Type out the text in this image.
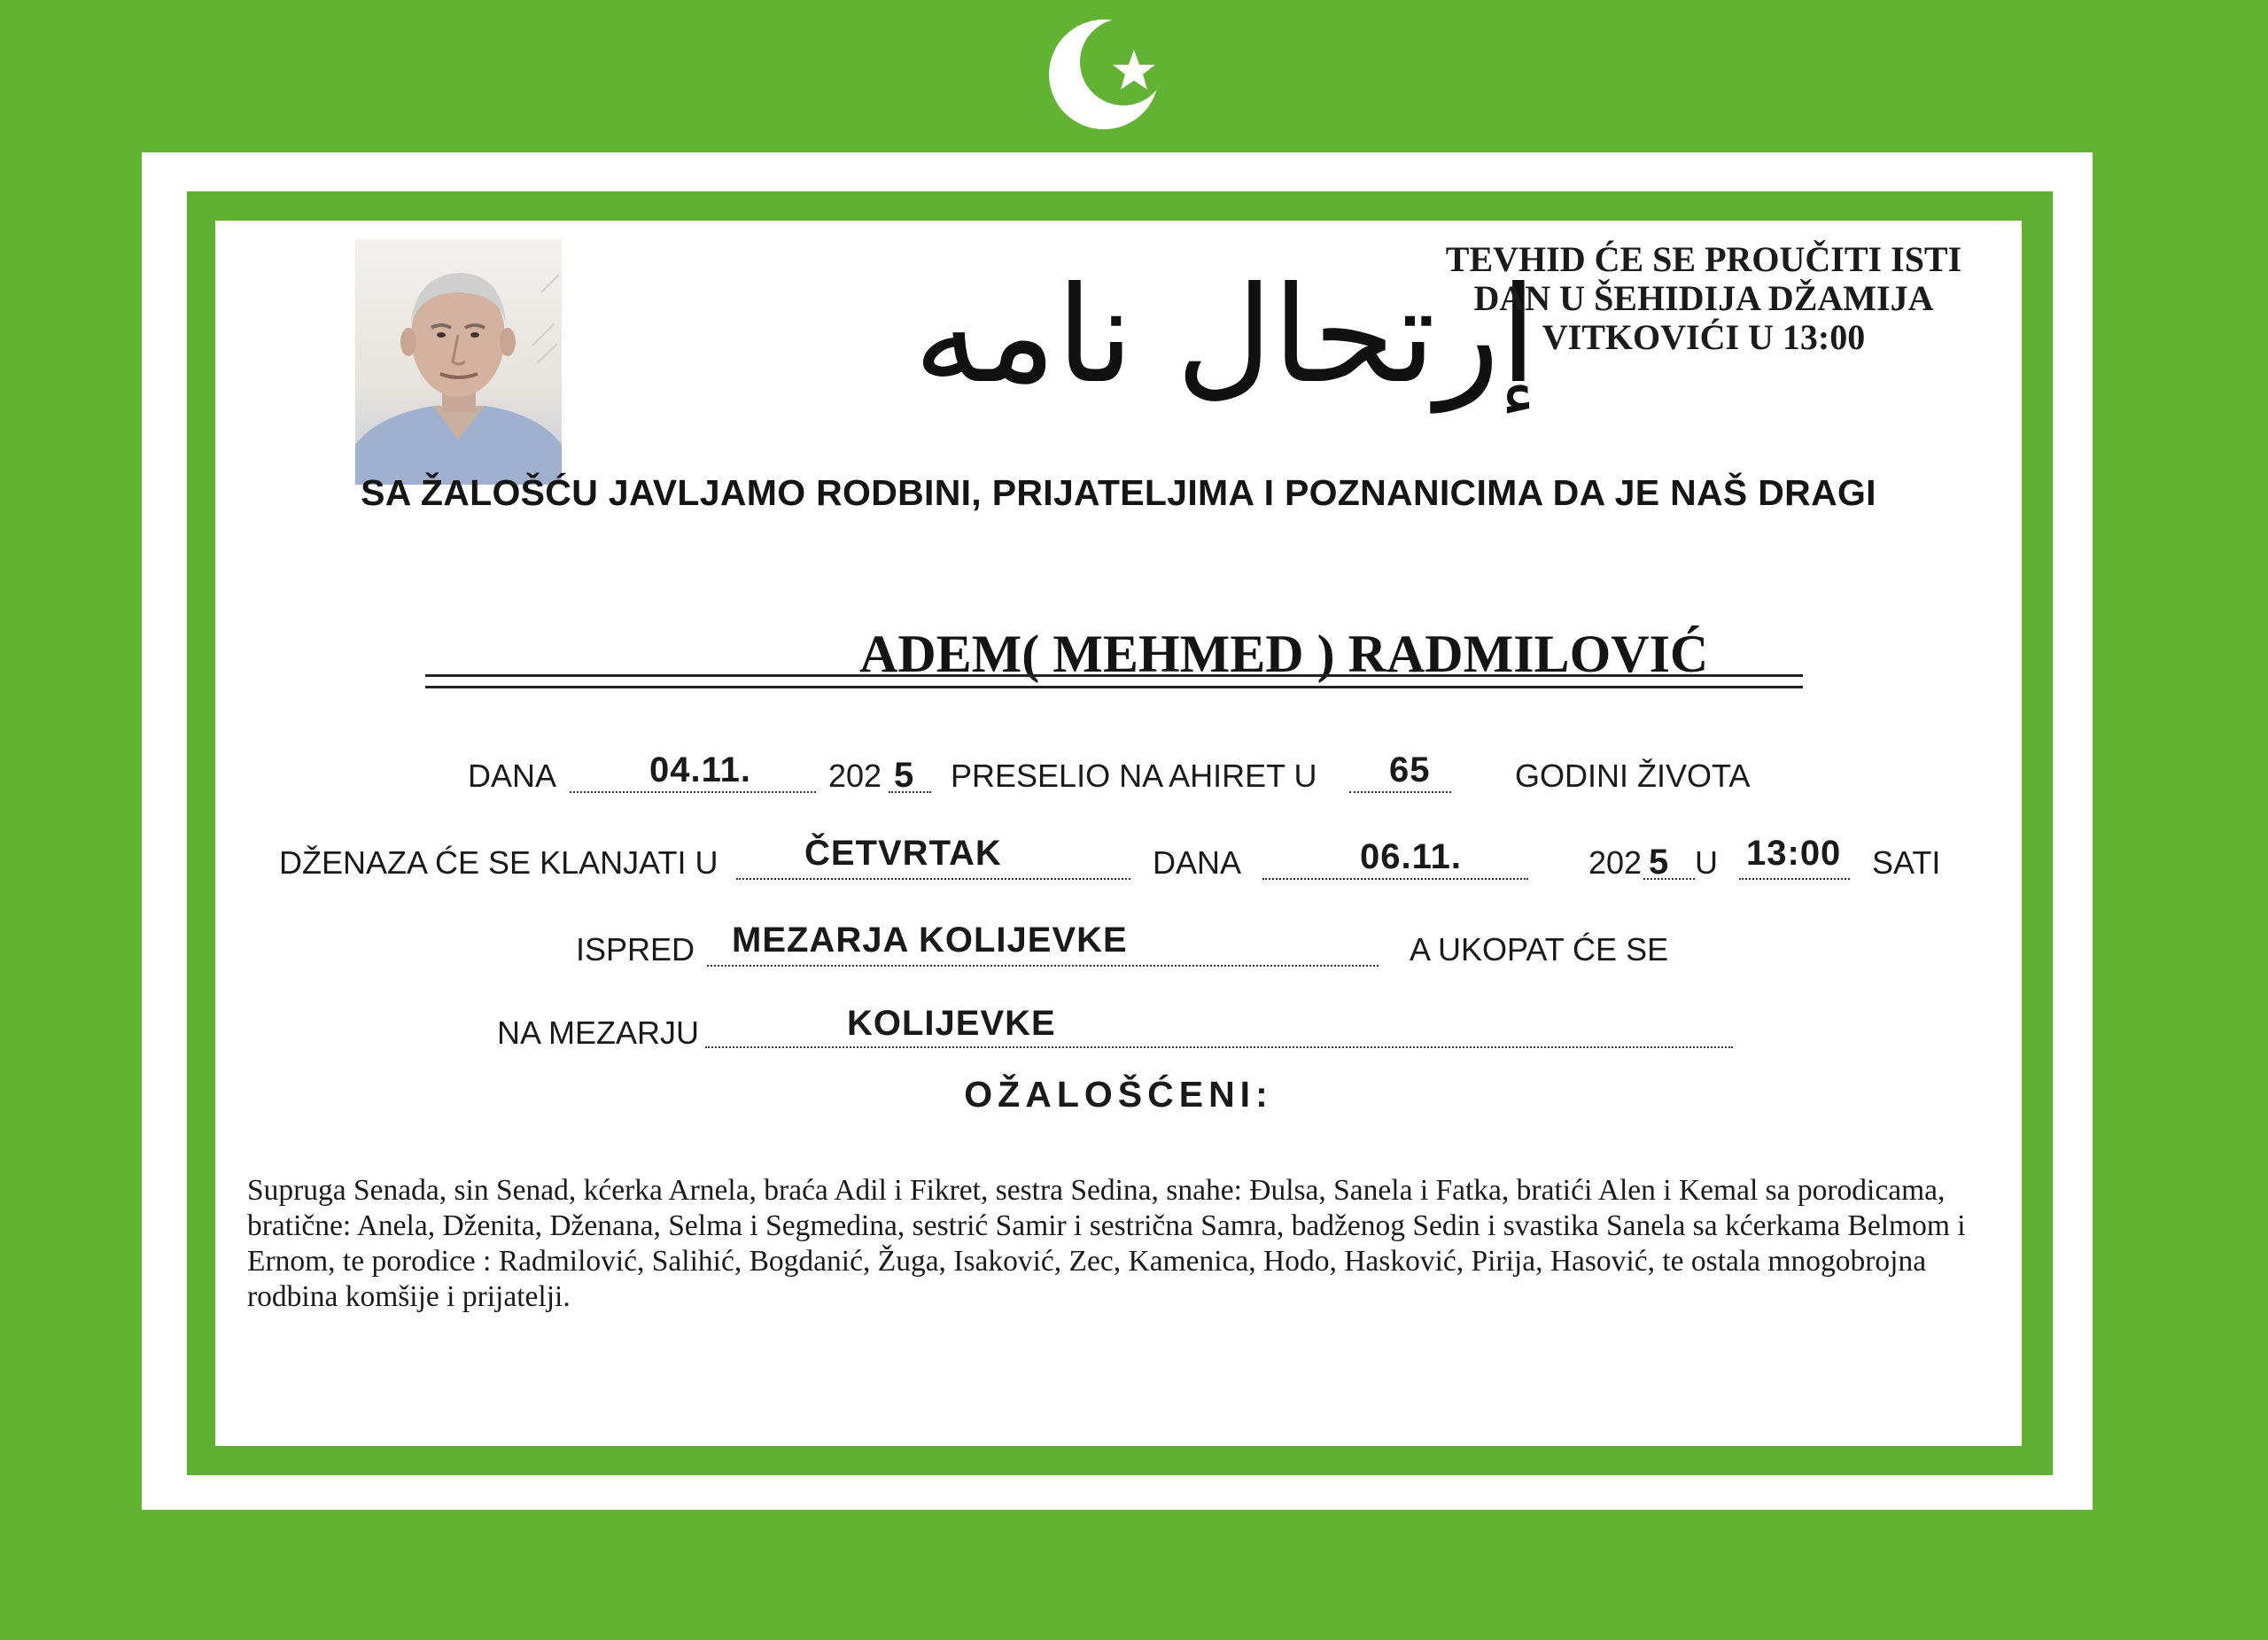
إرتحال نامه
TEVHID ĆE SE PROUČITI ISTI
DAN U ŠEHIDIJA DŽAMIJA
VITKOVIĆI U 13:00
SA ŽALOŠĆU JAVLJAMO RODBINI, PRIJATELJIMA I POZNANICIMA DA JE NAŠ DRAGI
ADEM( MEHMED ) RADMILOVIĆ
DANA	04.11. 202 5 PRESELIO NA AHIRET U 65	GODINI ŽIVOTA
DŽENAZA ĆE SE KLANJATI U ČETVRTAK	DANA	06.11.	202 5 U 13:00 SATI
ISPRED MEZARJA KOLIJEVKE	A UKOPAT ĆE SE
NA MEZARJU	KOLIJEVKE
OŽALOŠĆENI:
Supruga Senada, sin Senad, kćerka Arnela, braća Adil i Fikret, sestra Sedina, snahe: Đulsa, Sanela i Fatka, bratići Alen i Kemal sa porodicama, bratične: Anela, Dženita, Dženana, Selma i Segmedina, sestrić Samir i sestrična Samra, badženog Sedin i svastika Sanela sa kćerkama Belmom i Ernom, te porodice : Radmilović, Salihić, Bogdanić, Žuga, Isaković, Zec, Kamenica, Hodo, Hasković, Pirija, Hasović, te ostala mnogobrojna rodbina komšije i prijatelji.
